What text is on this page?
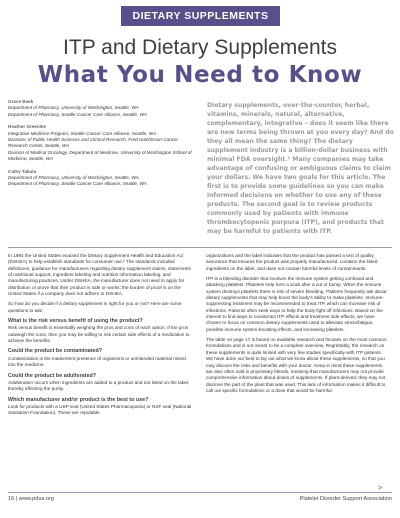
DIETARY SUPPLEMENTS
ITP and Dietary Supplements
What You Need to Know
Grace Baek
Department of Pharmacy, University of Washington, Seattle, WA
Department of Pharmacy, Seattle Cancer Care Alliance, Seattle, WA
Heather Greenlee
Integrative Medicine Program, Seattle Cancer Care Alliance, Seattle, WA
Divisions of Public Health Sciences and Clinical Research, Fred Hutchinson Cancer Research Center, Seattle, WA
Division of Medical Oncology, Department of Medicine, University of Washington School of Medicine, Seattle, WA
Cathy Takata
Department of Pharmacy, University of Washington, Seattle, WA
Department of Pharmacy, Seattle Cancer Care Alliance, Seattle, WA
Dietary supplements, over-the-counter, herbal, vitamins, minerals, natural, alternative, complementary, integrative – does it seem like there are new terms being thrown at you every day? And do they all mean the same thing? The dietary supplement industry is a billion-dollar business with minimal FDA oversight.¹ Many companies may take advantage of confusing or ambiguous claims to claim your dollars. We have two goals for this article. The first is to provide some guidelines so you can make informed decisions on whether to use any of these products. The second goal is to review products commonly used by patients with immune thrombocytopenic purpura (ITP), and products that may be harmful to patients with ITP.

In 1994 the United States enacted the Dietary Supplement Health and Education Act (DSHEA) to help establish standards for consumer use.² The standards included definitions, guidance for manufacturers regarding dietary supplement claims, statements of nutritional support, ingredient labeling and nutrition information labeling, and manufacturing practices. Under DSHEA, the manufacturer does not need to apply for distribution or prove that their product is safe or works; the burden of proof is on the United States if a company does not adhere to DSHEA.

So how do you decide if a dietary supplement is right for you or not? Here are some questions to ask:

What is the risk versus benefit of using the product?

Risk versus benefit is essentially weighing the pros and cons of each option. If the pros outweigh the cons, then you may be willing to risk certain side effects of a medication to achieve the benefits.

Could the product be contaminated?

Contamination is the inadvertent presence of organisms or unintended material mixed into the medicine.

Could the product be adulterated?

Adulteration occurs when ingredients are added to a product and not listed on the label, thereby affecting the purity.

Which manufacturer and/or product is the best to use?

Look for products with a USP seal (United States Pharmacopoeia) or NSF seal (National Sanitation Foundation). These are reputable

organizations and the label indicates that the product has passed a test of quality assurance that ensures the product was properly manufactured, contains the listed ingredients on the label, and does not contain harmful levels of contaminants.

ITP is a bleeding disorder that involves the immune system getting confused and attacking platelets. Platelets help form a scab after a cut or bump. When the immune system destroys platelets there is risk of severe bleeding. Patients frequently ask about dietary supplements that may help boost the body's ability to make platelets. Immune-suppressing treatment may be recommended to treat ITP, which can increase risk of infections. Patients often seek ways to help the body fight off infections. Based on the interest to find ways to counteract ITP effects and treatment side effects, we have chosen to focus on common dietary supplements used to alleviate stress/fatigue, possible immune system-boosting effects, and increasing platelets.

The table on page 17 is based on available research and focuses on the most common formulations and is not meant to be a complete overview. Regrettably, the research on these supplements is quite limited with very few studies specifically with ITP patients. We have done our best to lay out what we know about these supplements, so that you may discuss the risks and benefits with your doctor. Keep in mind these supplements are also often sold in proprietary blends, meaning that manufacturers may not provide comprehensive information about doses of supplements. If plant-derived, they may not disclose the part of the plant that was used. This lack of information makes it difficult to call out specific formulations or a dose that would be harmful.

>
16 | www.pdsa.org	Platelet Disorder Support Association
